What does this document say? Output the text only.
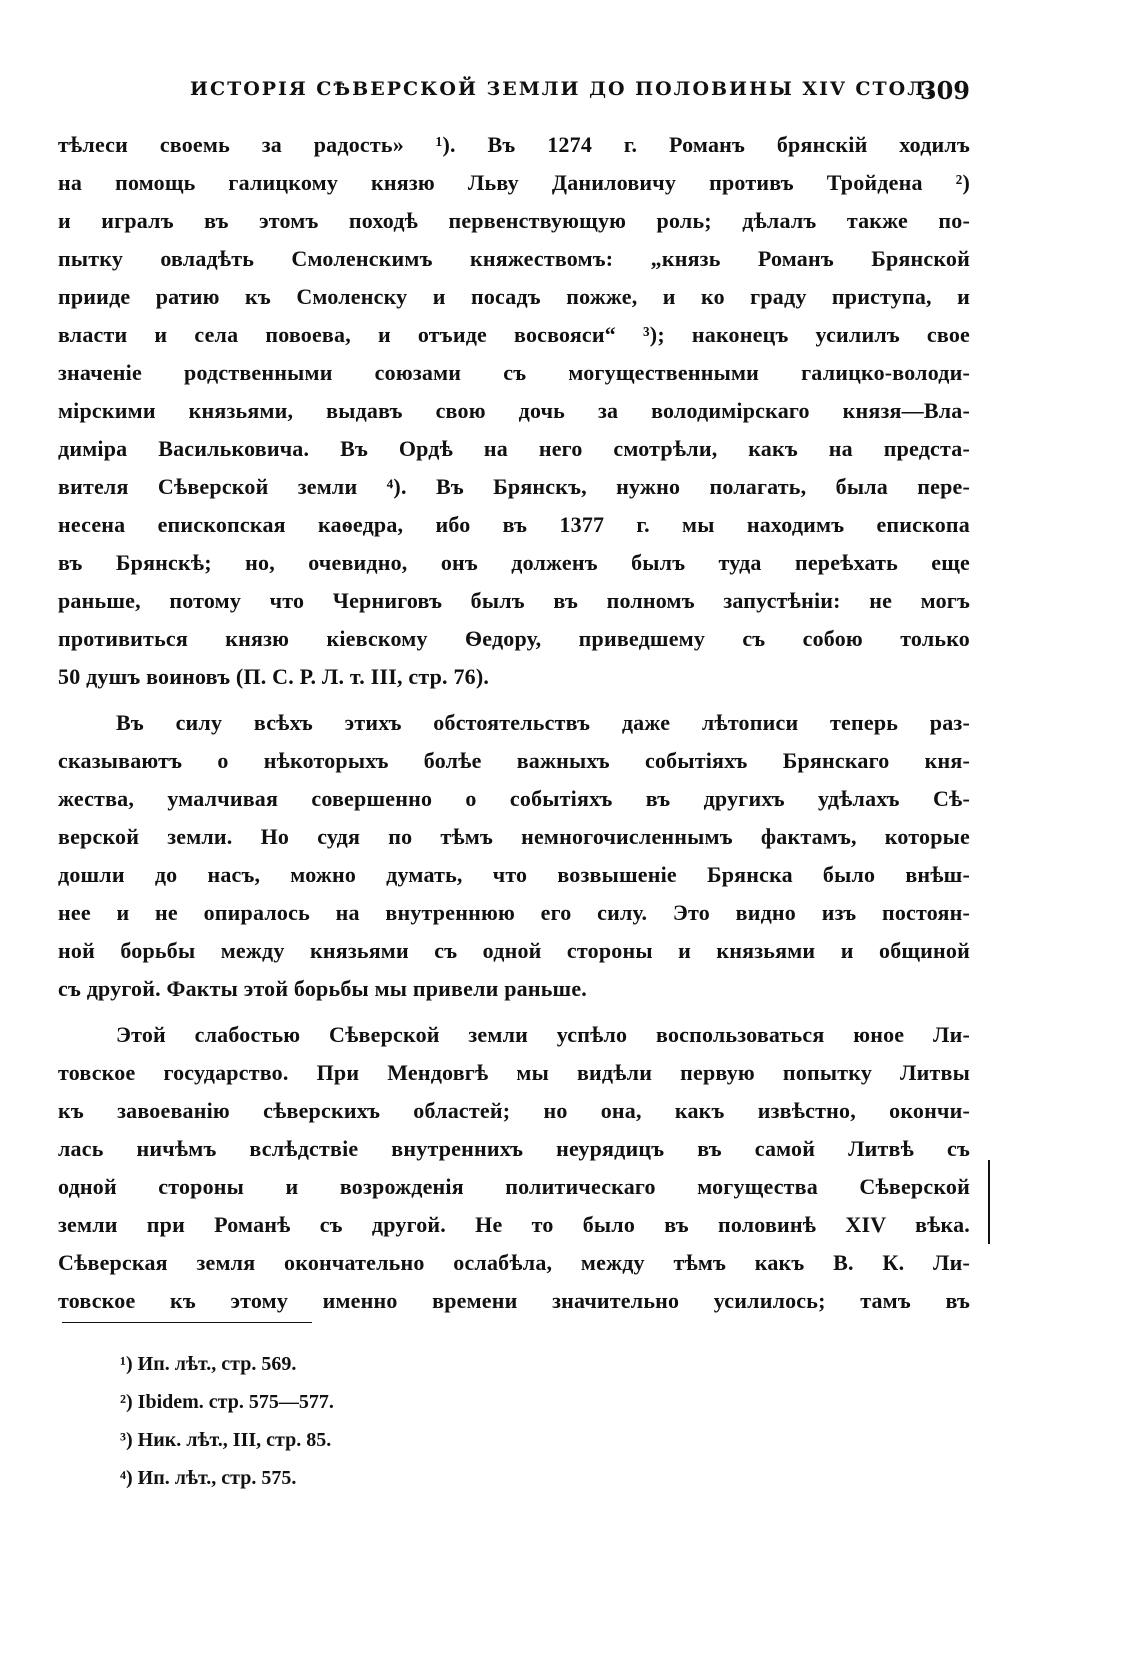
ИСТОРІЯ СѢВЕРСКОЙ ЗЕМЛИ ДО ПОЛОВИНЫ XIV СТОЛ.
309
тѣлеси своемь за радость» ¹). Въ 1274 г. Романъ брянскій ходилъ
на помощь галицкому князю Льву Даниловичу противъ Тройдена ²)
и игралъ въ этомъ походѣ первенствующую роль; дѣлалъ также по-
пытку овладѣть Смоленскимъ княжествомъ: „князь Романъ Брянской
прииде ратию къ Смоленску и посадъ пожже, и ко граду приступа, и
власти и села повоева, и отъиде восвояси“ ³); наконецъ усилилъ свое
значеніе родственными союзами съ могущественными галицко-володи-
мірскими князьями, выдавъ свою дочь за володимірскаго князя—Вла-
диміра Васильковича. Въ Ордѣ на него смотрѣли, какъ на предста-
вителя Сѣверской земли ⁴). Въ Брянскъ, нужно полагать, была пере-
несена епископская каѳедра, ибо въ 1377 г. мы находимъ епископа
въ Брянскѣ; но, очевидно, онъ долженъ былъ туда переѣхать еще
раньше, потому что Черниговъ былъ въ полномъ запустѣніи: не могъ
противиться князю кіевскому Ѳедору, приведшему съ собою только
50 душъ воиновъ (П. С. Р. Л. т. III, стр. 76).
Въ силу всѣхъ этихъ обстоятельствъ даже лѣтописи теперь раз-
сказываютъ о нѣкоторыхъ болѣе важныхъ событіяхъ Брянскаго кня-
жества, умалчивая совершенно о событіяхъ въ другихъ удѣлахъ Сѣ-
верской земли. Но судя по тѣмъ немногочисленнымъ фактамъ, которые
дошли до насъ, можно думать, что возвышеніе Брянска было внѣш-
нее и не опиралось на внутреннюю его силу. Это видно изъ постоян-
ной борьбы между князьями съ одной стороны и князьями и общиной
съ другой. Факты этой борьбы мы привели раньше.
Этой слабостью Сѣверской земли успѣло воспользоваться юное Ли-
товское государство. При Мендовгѣ мы видѣли первую попытку Литвы
къ завоеванію сѣверскихъ областей; но она, какъ извѣстно, окончи-
лась ничѣмъ вслѣдствіе внутреннихъ неурядицъ въ самой Литвѣ съ
одной стороны и возрожденія политическаго могущества Сѣверской
земли при Романѣ съ другой. Не то было въ половинѣ XIV вѣка.
Сѣверская земля окончательно ослабѣла, между тѣмъ какъ В. К. Ли-
товское къ этому именно времени значительно усилилось; тамъ въ
¹) Ип. лѣт., стр. 569.
²) Ibidem. стр. 575—577.
³) Ник. лѣт., III, стр. 85.
⁴) Ип. лѣт., стр. 575.
